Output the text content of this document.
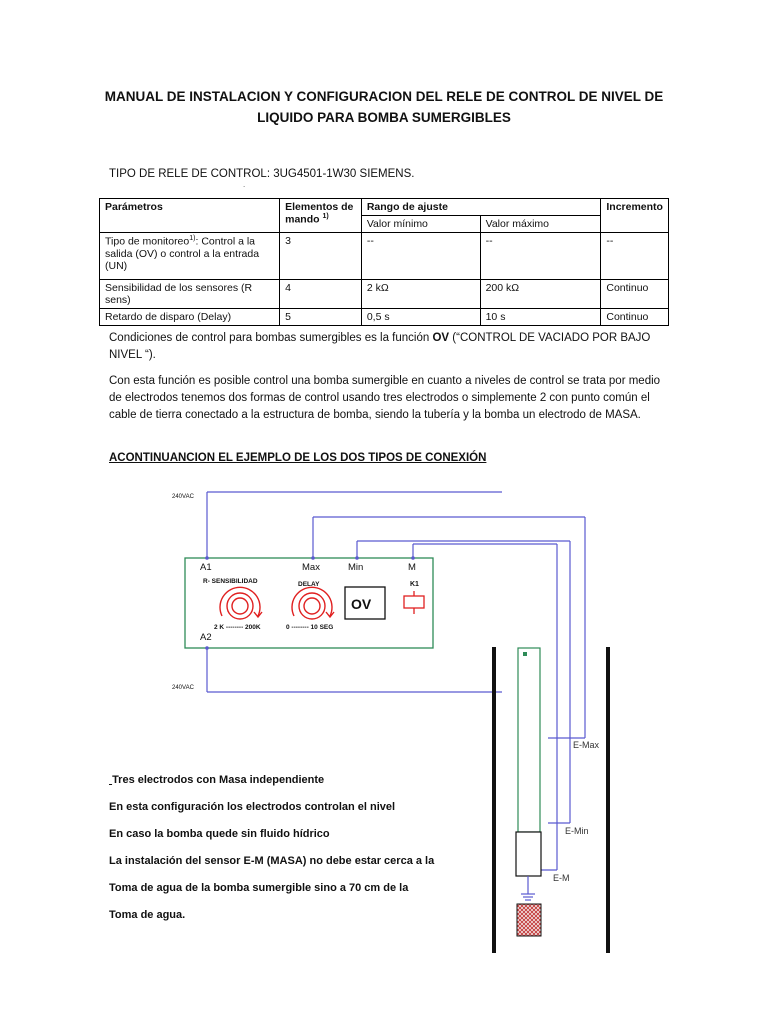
MANUAL DE INSTALACION Y CONFIGURACION DEL RELE DE CONTROL DE NIVEL DE
LIQUIDO PARA BOMBA SUMERGIBLES
TIPO DE RELE DE CONTROL: 3UG4501-1W30 SIEMENS.
.
Parámetros	Elementos de mando $^{1)}$	Rango de ajuste		Incremento
		Valor mínimo	Valor máximo	
Tipo de monitoreo$^{1)}$: Control a la salida (OV) o control a la entrada (UN)	3	--	--	--
Sensibilidad de los sensores (R sens)	4	2 kΩ	200 kΩ	Continuo
Retardo de disparo (Delay)	5	0,5 s	10 s	Continuo
Condiciones de control para bombas sumergibles es la función OV (“CONTROL DE VACIADO POR BAJO NIVEL “).
Con esta función es posible control una bomba sumergible en cuanto a niveles de control se trata por medio de electrodos tenemos dos formas de control usando tres electrodos o simplemente 2 con punto común el cable de tierra conectado a la estructura de bomba, siendo la tubería y la bomba un electrodo de MASA.
ACONTINUANCION EL EJEMPLO DE LOS DOS TIPOS DE CONEXIÓN
240VAC
240VAC
A1
A2
Max	Min	M
R- SENSIBILIDAD
2 K -------- 200K
DELAY
0 -------- 10 SEG
K1
OV
E-Max
E-Min
E-M
Tres electrodos con Masa independiente
En esta configuración los electrodos controlan el nivel
En caso la bomba quede sin fluido hídrico
La instalación del sensor E-M (MASA) no debe estar cerca a la
Toma de agua de la bomba sumergible sino a 70 cm de la
Toma de agua.
